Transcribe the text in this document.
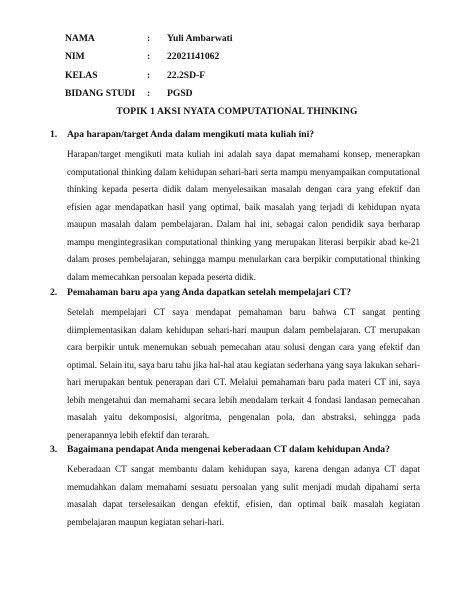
NAMA	:	Yuli Ambarwati
NIM	:	22021141062
KELAS	:	22.2SD-F
BIDANG STUDI	:	PGSD
TOPIK 1 AKSI NYATA COMPUTATIONAL THINKING
1.	Apa harapan/target Anda dalam mengikuti mata kuliah ini?

Harapan/target mengikuti mata kuliah ini adalah saya dapat memahami konsep, menerapkan computational thinking dalam kehidupan sehari-hari serta mampu menyampaikan computational thinking kepada peserta didik dalam menyelesaikan masalah dengan cara yang efektif dan efisien agar mendapatkan hasil yang optimal, baik masalah yang terjadi di kehidupan nyata maupun masalah dalam pembelajaran. Dalam hal ini, sebagai calon pendidik saya berharap mampu mengintegrasikan computational thinking yang merupakan literasi berpikir abad ke-21 dalam proses pembelajaran, sehingga mampu menularkan cara berpikir computational thinking dalam memecahkan persoalan kepada peserta didik.

2.	Pemahaman baru apa yang Anda dapatkan setelah mempelajari CT?

Setelah mempelajari CT saya mendapat pemahaman baru bahwa CT sangat penting diimplementasikan dalam kehidupan sehari-hari maupun dalam pembelajaran. CT merupakan cara berpikir untuk menemukan sebuah pemecahan atau solusi dengan cara yang efektif dan optimal. Selain itu, saya baru tahu jika hal-hal atau kegiatan sederhana yang saya lakukan sehari-hari merupakan bentuk penerapan dari CT. Melalui pemahaman baru pada materi CT ini, saya lebih mengetahui dan memahami secara lebih mendalam terkait 4 fondasi landasan pemecahan masalah yaitu dekomposisi, algoritma, pengenalan pola, dan abstraksi, sehingga pada penerapannya lebih efektif dan terarah.

3.	Bagaimana pendapat Anda mengenai keberadaan CT dalam kehidupan Anda?

Keberadaan CT sangat membantu dalam kehidupan saya, karena dengan adanya CT dapat memudahkan dalam memahami sesuatu persoalan yang sulit menjadi mudah dipahami serta masalah dapat terselesaikan dengan efektif, efisien, dan optimal baik masalah kegiatan pembelajaran maupun kegiatan sehari-hari.
